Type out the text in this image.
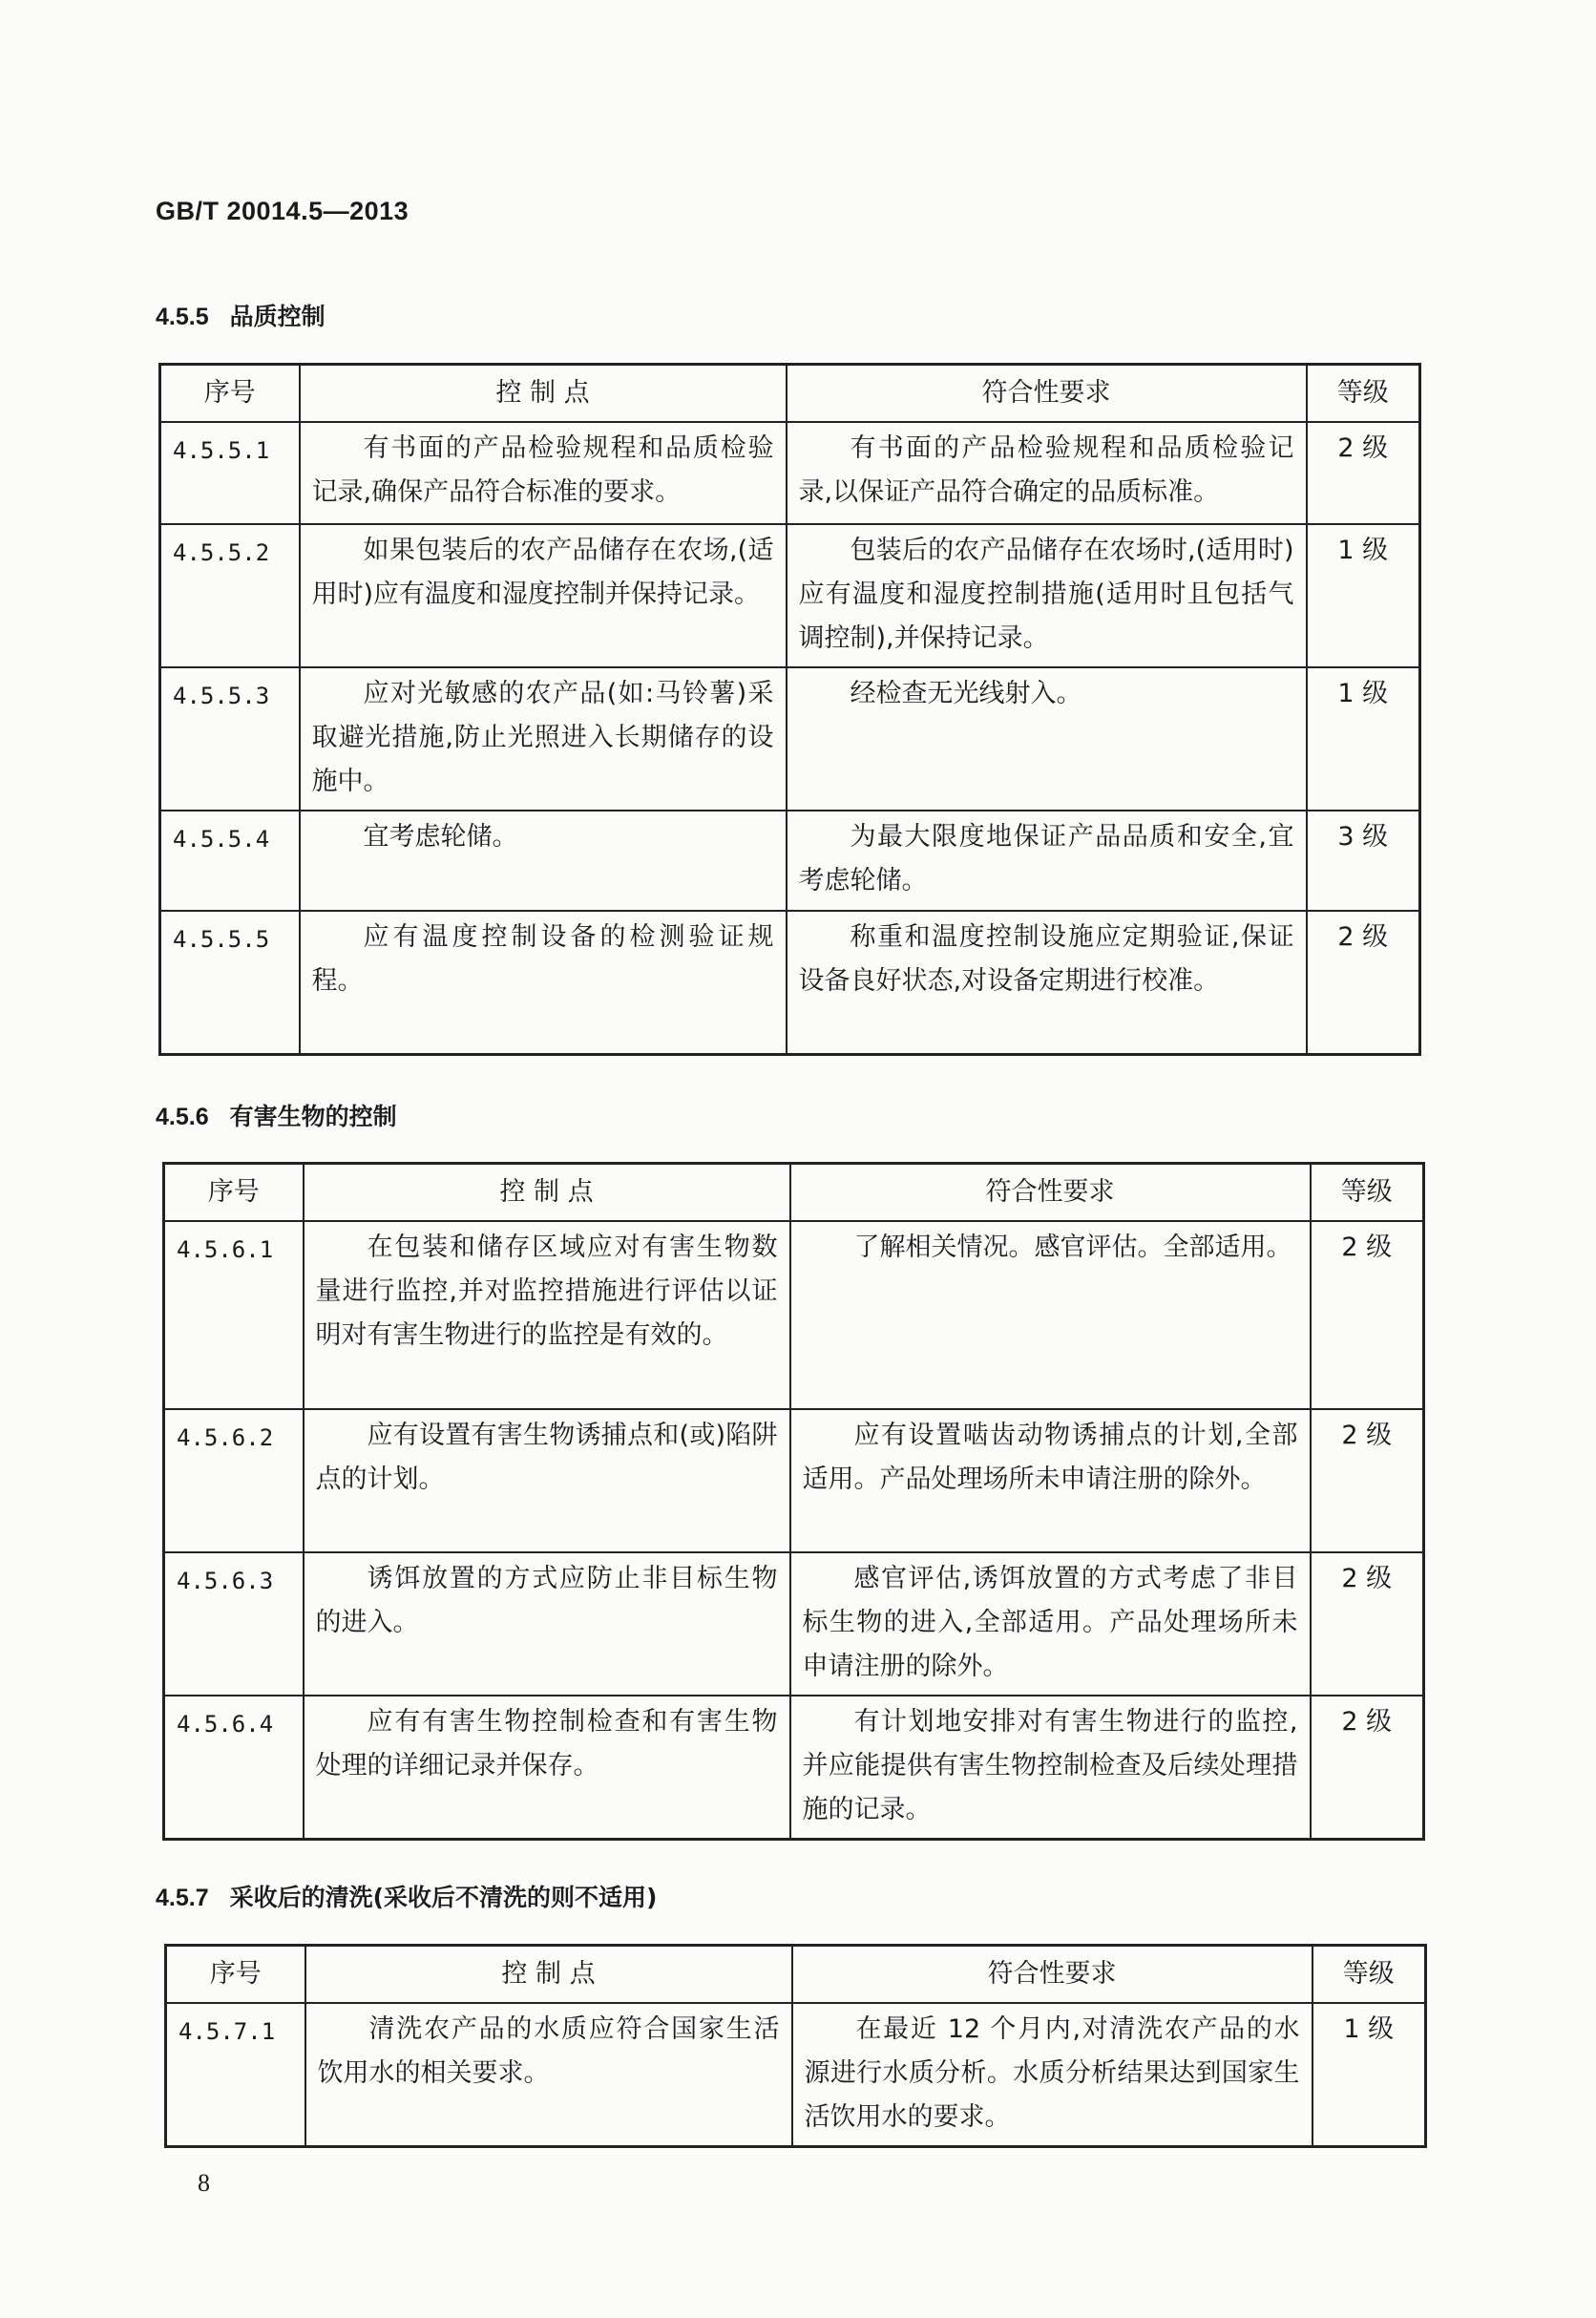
GB/T 20014.5—2013
4.5.5 品质控制
序号	控 制 点	符合性要求	等级
4.5.5.1	有书面的产品检验规程和品质检验记录,确保产品符合标准的要求。	有书面的产品检验规程和品质检验记录,以保证产品符合确定的品质标准。	2 级
4.5.5.2	如果包装后的农产品储存在农场,(适用时)应有温度和湿度控制并保持记录。	包装后的农产品储存在农场时,(适用时)应有温度和湿度控制措施(适用时且包括气调控制),并保持记录。	1 级
4.5.5.3	应对光敏感的农产品(如:马铃薯)采取避光措施,防止光照进入长期储存的设施中。	经检查无光线射入。	1 级
4.5.5.4	宜考虑轮储。	为最大限度地保证产品品质和安全,宜考虑轮储。	3 级
4.5.5.5	应有温度控制设备的检测验证规程。	称重和温度控制设施应定期验证,保证设备良好状态,对设备定期进行校准。	2 级
4.5.6 有害生物的控制
序号	控 制 点	符合性要求	等级
4.5.6.1	在包装和储存区域应对有害生物数量进行监控,并对监控措施进行评估以证明对有害生物进行的监控是有效的。	了解相关情况。感官评估。全部适用。	2 级
4.5.6.2	应有设置有害生物诱捕点和(或)陷阱点的计划。	应有设置啮齿动物诱捕点的计划,全部适用。产品处理场所未申请注册的除外。	2 级
4.5.6.3	诱饵放置的方式应防止非目标生物的进入。	感官评估,诱饵放置的方式考虑了非目标生物的进入,全部适用。产品处理场所未申请注册的除外。	2 级
4.5.6.4	应有有害生物控制检查和有害生物处理的详细记录并保存。	有计划地安排对有害生物进行的监控,并应能提供有害生物控制检查及后续处理措施的记录。	2 级
4.5.7 采收后的清洗(采收后不清洗的则不适用)
序号	控 制 点	符合性要求	等级
4.5.7.1	清洗农产品的水质应符合国家生活饮用水的相关要求。	在最近 12 个月内,对清洗农产品的水源进行水质分析。水质分析结果达到国家生活饮用水的要求。	1 级
8
